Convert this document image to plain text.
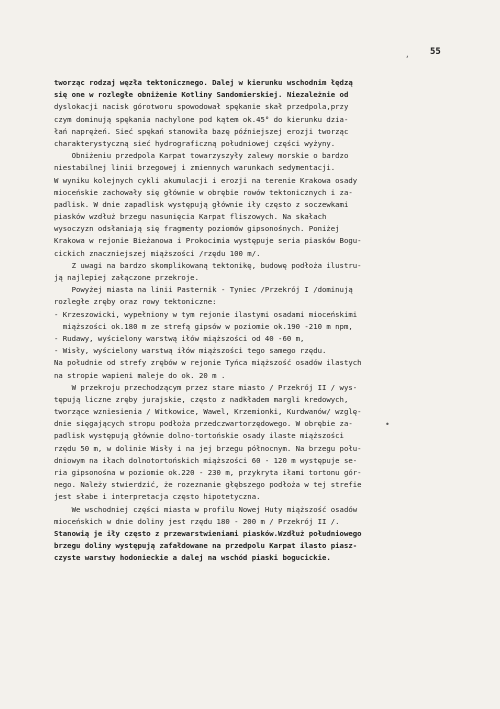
, 55
tworząc rodzaj węzła tektonicznego. Dalej w kierunku wschodnim łędzą
się one w rozległe obniżenie Kotliny Sandomierskiej. Niezależnie od
dyslokacji nacisk górotworu spowodował spękanie skał przedpola,przy
czym dominują spękania nachylone pod kątem ok.45° do kierunku dzia-
łań naprężeń. Sieć spękań stanowiła bazę późniejszej erozji tworząc
charakterystyczną sieć hydrograficzną południowej części wyżyny.
Obniżeniu przedpola Karpat towarzyszyły zalewy morskie o bardzo
niestabilnej linii brzegowej i zmiennych warunkach sedymentacji.
W wyniku kolejnych cykli akumulacji i erozji na terenie Krakowa osady
mioceńskie zachowały się głównie w obrębie rowów tektonicznych i za-
padlisk. W dnie zapadlisk występują głównie iły często z soczewkami
piasków wzdłuż brzegu nasunięcia Karpat fliszowych. Na skałach
wysoczyzn odsłaniają się fragmenty poziomów gipsonośnych. Poniżej
Krakowa w rejonie Bieżanowa i Prokocimia występuje seria piasków Bogu-
cickich znaczniejszej miąższości /rzędu 100 m/.
Z uwagi na bardzo skomplikowaną tektonikę, budowę podłoża ilustru-
ją najlepiej załączone przekroje.
Powyżej miasta na linii Pasternik - Tyniec /Przekrój I /dominują
rozległe zręby oraz rowy tektoniczne:
- Krzeszowicki, wypełniony w tym rejonie ilastymi osadami mioceńskimi
miąższości ok.180 m ze strefą gipsów w poziomie ok.190 -210 m npm,
- Rudawy, wyścielony warstwą iłów miąższości od 40 -60 m,
- Wisły, wyścielony warstwą iłów miąższości tego samego rzędu.
Na południe od strefy zrębów w rejonie Tyńca miąższość osadów ilastych
na stropie wapieni maleje do ok. 20 m .
W przekroju przechodzącym przez stare miasto / Przekrój II / wys-
tępują liczne zręby jurajskie, często z nadkładem margli kredowych,
tworzące wzniesienia / Witkowice, Wawel, Krzemionki, Kurdwanów/ wzglę-
dnie sięgających stropu podłoża przedczwartorzędowego. W obrębie za-
padlisk występują głównie dolno-tortońskie osady ilaste miąższości
rzędu 50 m, w dolinie Wisły i na jej brzegu północnym. Na brzegu połu-
dniowym na iłach dolnotortońskich miąższości 60 - 120 m występuje se-
ria gipsonośna w poziomie ok.220 - 230 m, przykryta iłami tortonu gór-
nego. Należy stwierdzić, że rozeznanie głębszego podłoża w tej strefie
jest słabe i interpretacja często hipotetyczna.
We wschodniej części miasta w profilu Nowej Huty miąższość osadów
mioceńskich w dnie doliny jest rzędu 180 - 200 m / Przekrój II /.
Stanowią je iły często z przewarstwieniami piasków.Wzdłuż południowego
brzegu doliny występują zafałdowane na przedpolu Karpat ilasto piasz-
czyste warstwy hodonieckie a dalej na wschód piaski bogucickie.
•
